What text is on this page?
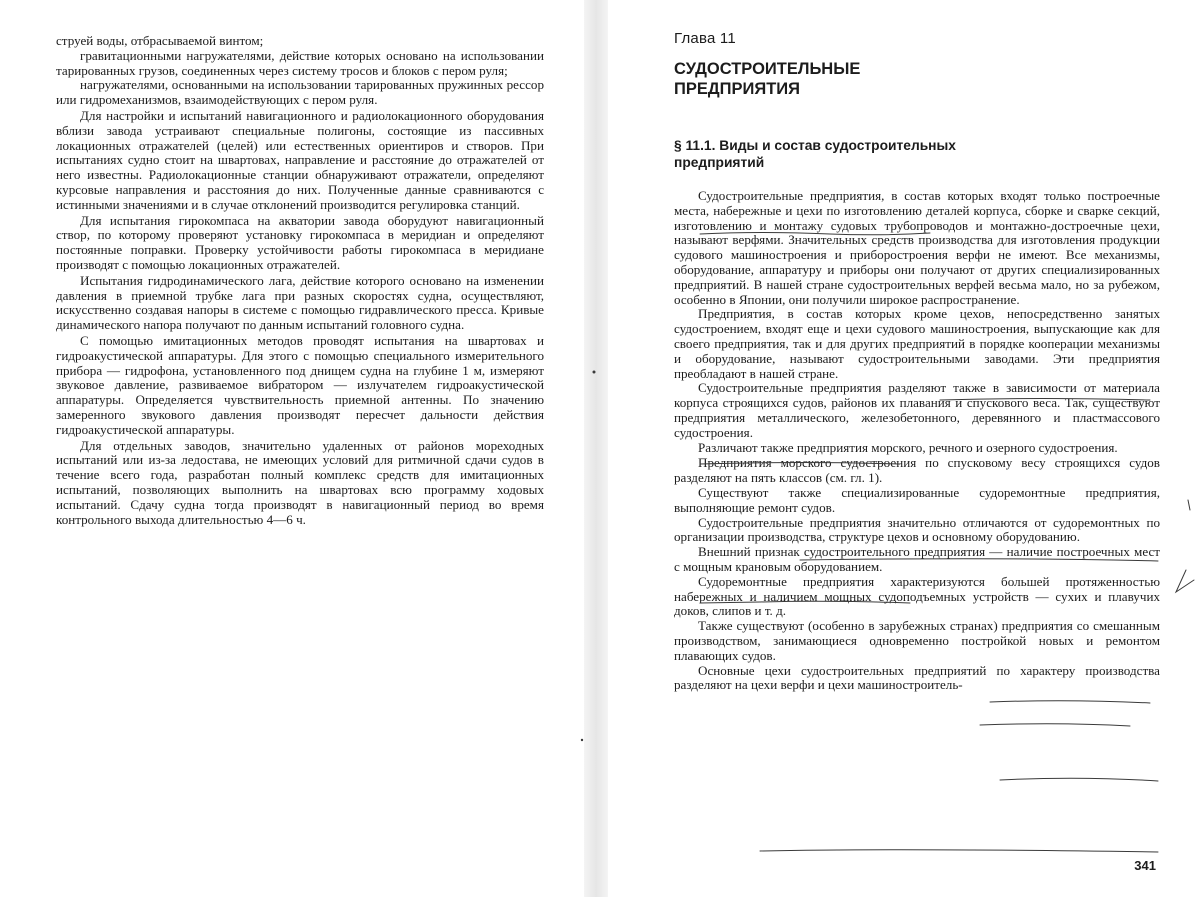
струей воды, отбрасываемой винтом;

гравитационными нагружателями, действие которых основано на использовании тарированных грузов, соединенных через систему тросов и блоков с пером руля;

нагружателями, основанными на использовании тарированных пружинных рессор или гидромеханизмов, взаимодействующих с пером руля.

Для настройки и испытаний навигационного и радиолокационного оборудования вблизи завода устраивают специальные полигоны, состоящие из пассивных локационных отражателей (целей) или естественных ориентиров и створов. При испытаниях судно стоит на швартовах, направление и расстояние до отражателей от него известны. Радиолокационные станции обнаруживают отражатели, определяют курсовые направления и расстояния до них. Полученные данные сравниваются с истинными значениями и в случае отклонений производится регулировка станций.

Для испытания гирокомпаса на акватории завода оборудуют навигационный створ, по которому проверяют установку гирокомпаса в меридиан и определяют постоянные поправки. Проверку устойчивости работы гирокомпаса в меридиане производят с помощью локационных отражателей.

Испытания гидродинамического лага, действие которого основано на изменении давления в приемной трубке лага при разных скоростях судна, осуществляют, искусственно создавая напоры в системе с помощью гидравлического пресса. Кривые динамического напора получают по данным испытаний головного судна.

С помощью имитационных методов проводят испытания на швартовах и гидроакустической аппаратуры. Для этого с помощью специального измерительного прибора — гидрофона, установленного под днищем судна на глубине 1 м, измеряют звуковое давление, развиваемое вибратором — излучателем гидроакустической аппаратуры. Определяется чувствительность приемной антенны. По значению замеренного звукового давления производят пересчет дальности действия гидроакустической аппаратуры.

Для отдельных заводов, значительно удаленных от районов мореходных испытаний или из-за ледостава, не имеющих условий для ритмичной сдачи судов в течение всего года, разработан полный комплекс средств для имитационных испытаний, позволяющих выполнить на швартовах всю программу ходовых испытаний. Сдачу судна тогда производят в навигационный период во время контрольного выхода длительностью 4—6 ч.

Глава 11
СУДОСТРОИТЕЛЬНЫЕ
ПРЕДПРИЯТИЯ
§ 11.1. Виды и состав судостроительных
предприятий

Судостроительные предприятия, в состав которых входят только построечные места, набережные и цехи по изготовлению деталей корпуса, сборке и сварке секций, изготовлению и монтажу судовых трубопроводов и монтажно-достроечные цехи, называют верфями. Значительных средств производства для изготовления продукции судового машиностроения и приборостроения верфи не имеют. Все механизмы, оборудование, аппаратуру и приборы они получают от других специализированных предприятий. В нашей стране судостроительных верфей весьма мало, но за рубежом, особенно в Японии, они получили широкое распространение.

Предприятия, в состав которых кроме цехов, непосредственно занятых судостроением, входят еще и цехи судового машиностроения, выпускающие как для своего предприятия, так и для других предприятий в порядке кооперации механизмы и оборудование, называют судостроительными заводами. Эти предприятия преобладают в нашей стране.

Судостроительные предприятия разделяют также в зависимости от материала корпуса строящихся судов, районов их плавания и спускового веса. Так, существуют предприятия металлического, железобетонного, деревянного и пластмассового судостроения.

Различают также предприятия морского, речного и озерного судостроения.

Предприятия морского судостроения по спусковому весу строящихся судов разделяют на пять классов (см. гл. 1).

Существуют также специализированные судоремонтные предприятия, выполняющие ремонт судов.

Судостроительные предприятия значительно отличаются от судоремонтных по организации производства, структуре цехов и основному оборудованию.

Внешний признак судостроительного предприятия — наличие построечных мест с мощным крановым оборудованием.

Судоремонтные предприятия характеризуются большей протяженностью набережных и наличием мощных судоподъемных устройств — сухих и плавучих доков, слипов и т. д.

Также существуют (особенно в зарубежных странах) предприятия со смешанным производством, занимающиеся одновременно постройкой новых и ремонтом плавающих судов.

Основные цехи судостроительных предприятий по характеру производства разделяют на цехи верфи и цехи машиностроитель-

341
